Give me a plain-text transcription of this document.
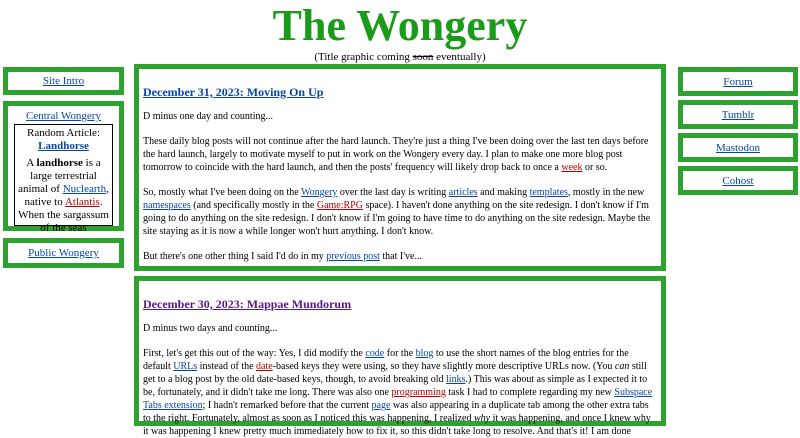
The Wongery
(Title graphic coming soon eventually)
Site Intro
Central Wongery
Random Article:
Landhorse
A landhorse is a large terrestrial animal of Nuclearth, native to Atlantis. When the sargassum of the seas
Public Wongery
Forum
Tumblr
Mastodon
Cohost
December 31, 2023: Moving On Up

D minus one day and counting...

These daily blog posts will not continue after the hard launch. They're just a thing I've been doing over the last ten days before the hard launch, largely to motivate myself to put in work on the Wongery every day. I plan to make one more blog post tomorrow to coincide with the hard launch, and then the posts' frequency will likely drop back to once a week or so.

So, mostly what I've been doing on the Wongery over the last day is writing articles and making templates, mostly in the new namespaces (and specifically mostly in the Game:RPG space). I haven't done anything on the site redesign. I don't know if I'm going to do anything on the site redesign. I don't know if I'm going to have time to do anything on the site redesign. Maybe the site staying as it is now a while longer won't hurt anything. I don't know.

But there's one other thing I said I'd do in my previous post that I've...

December 30, 2023: Mappae Mundorum

D minus two days and counting...

First, let's get this out of the way: Yes, I did modify the code for the blog to use the short names of the blog entries for the default URLs instead of the date-based keys they were using, so they have slightly more descriptive URLs now. (You can still get to a blog post by the old date-based keys, though, to avoid breaking old links.) This was about as simple as I expected it to be, fortunately, and it didn't take me long. There was also one programming task I had to complete regarding my new Subspace Tabs extension; I hadn't remarked before that the current page was also appearing in a duplicate tab among the other extra tabs to the right. Fortunately, almost as soon as I noticed this was happening, I realized why it was happening, and once I knew why it was happening I knew pretty much immediately how to fix it, so this didn't take long to resolve. And that's it! I am done
